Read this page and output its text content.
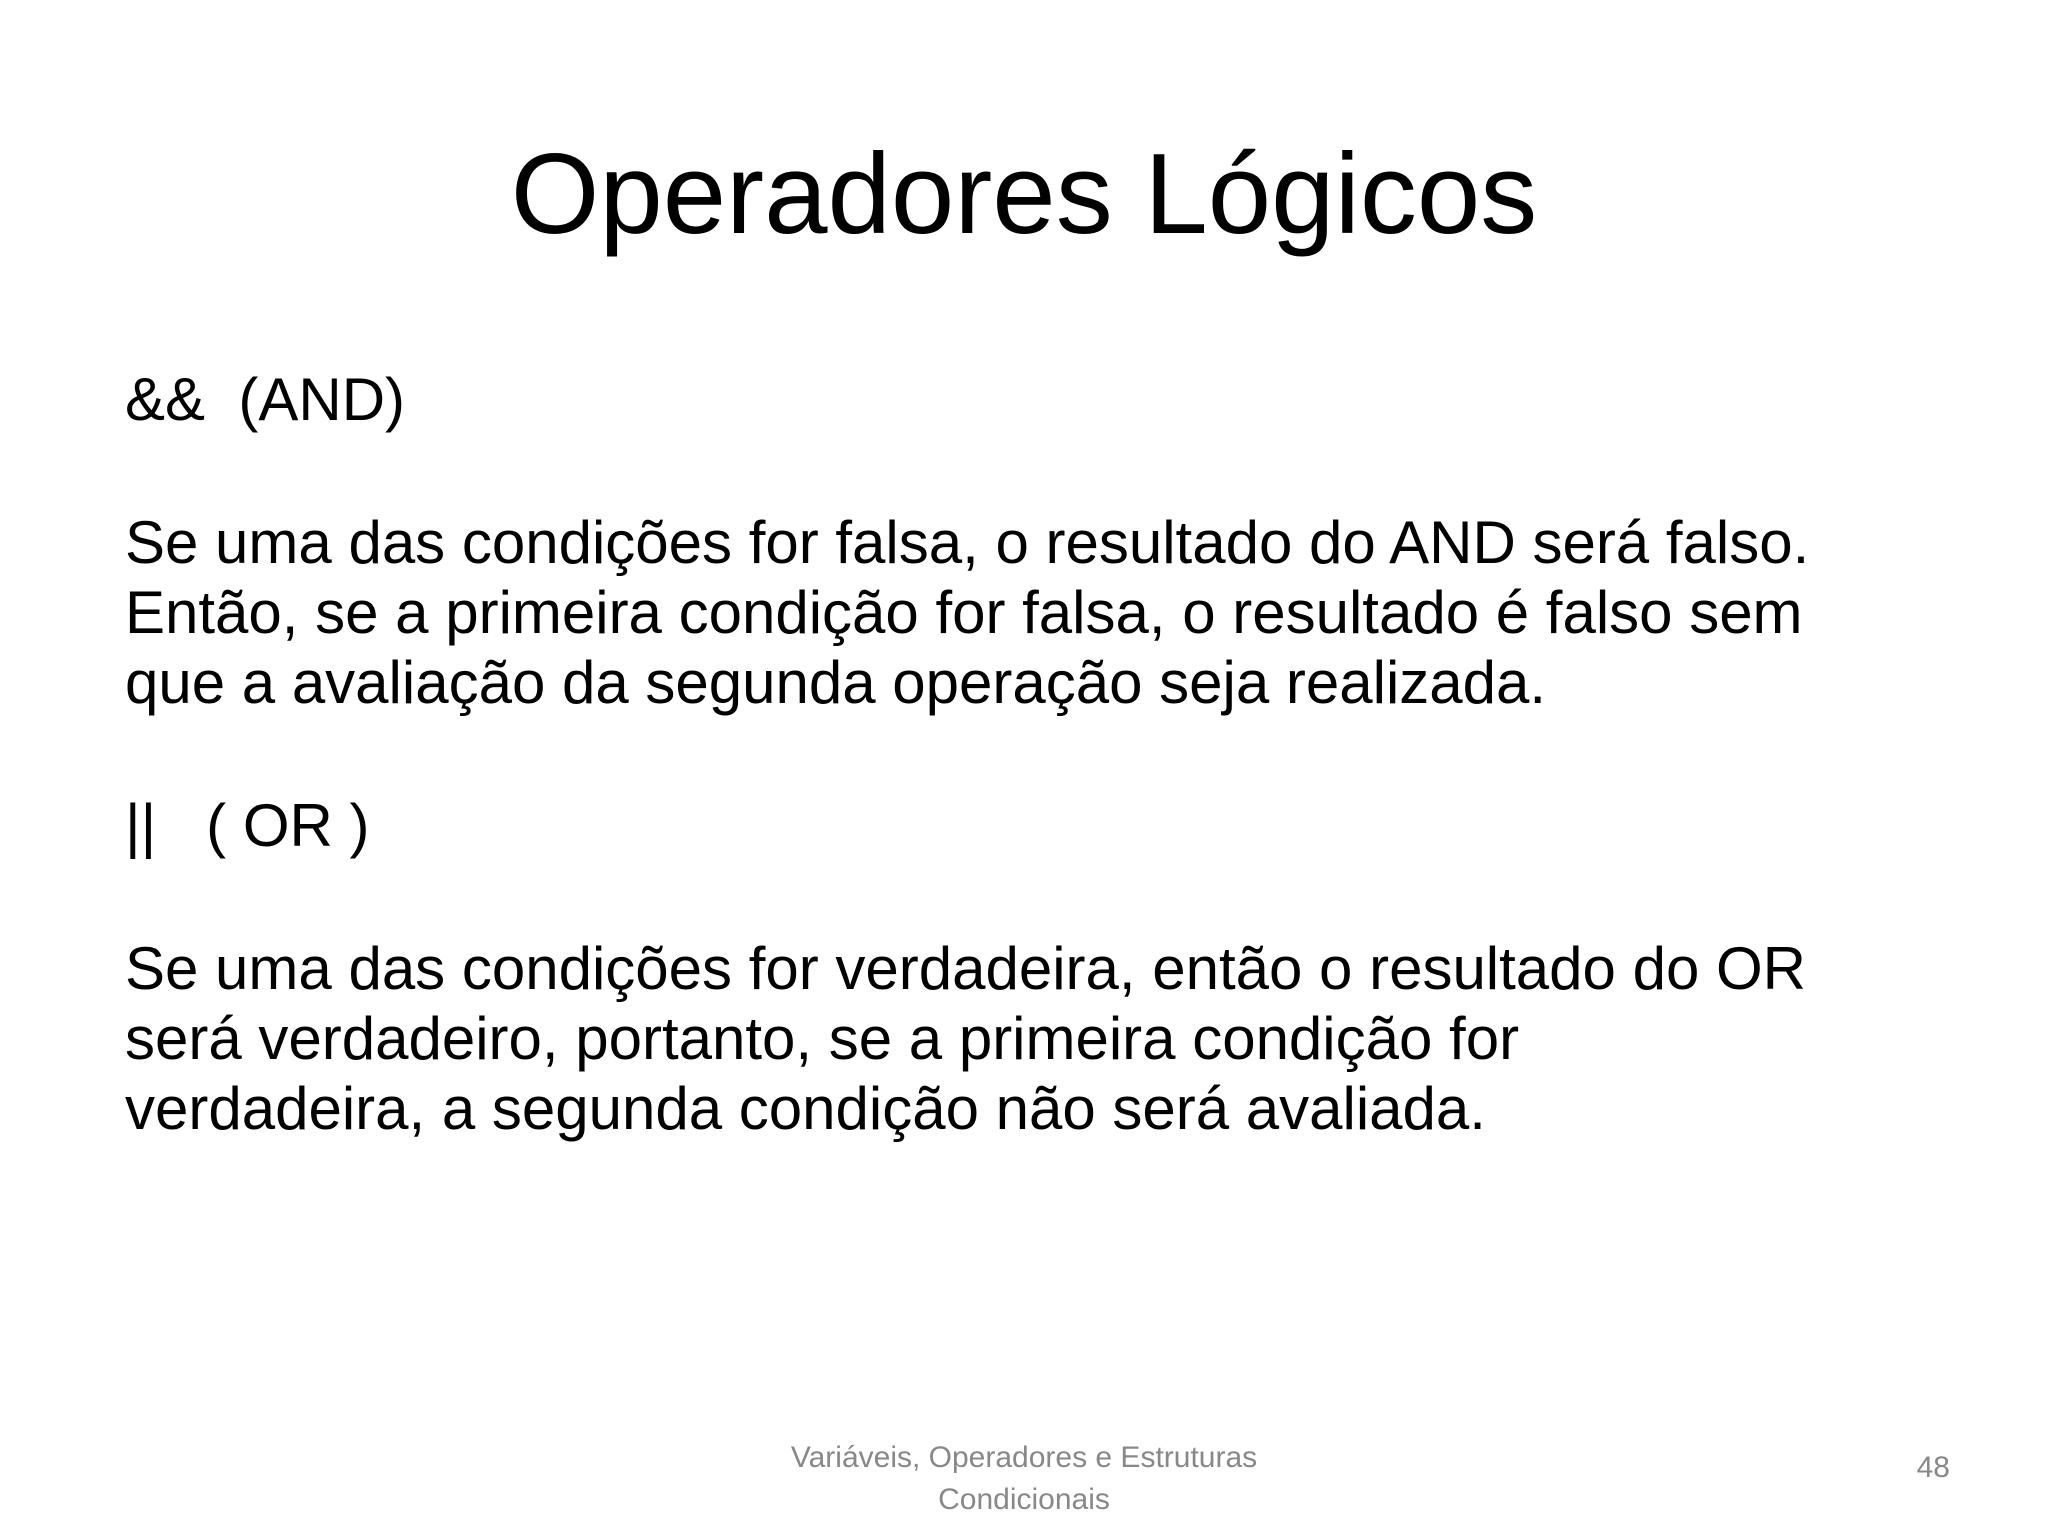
Operadores Lógicos

&&  (AND)

Se uma das condições for falsa, o resultado do AND será falso.

Então, se a primeira condição for falsa, o resultado é falso sem

que a avaliação da segunda operação seja realizada.

||   ( OR )

Se uma das condições for verdadeira, então o resultado do OR

será verdadeiro, portanto, se a primeira condição for

verdadeira, a segunda condição não será avaliada.

Variáveis, Operadores e Estruturas
Condicionais
48
